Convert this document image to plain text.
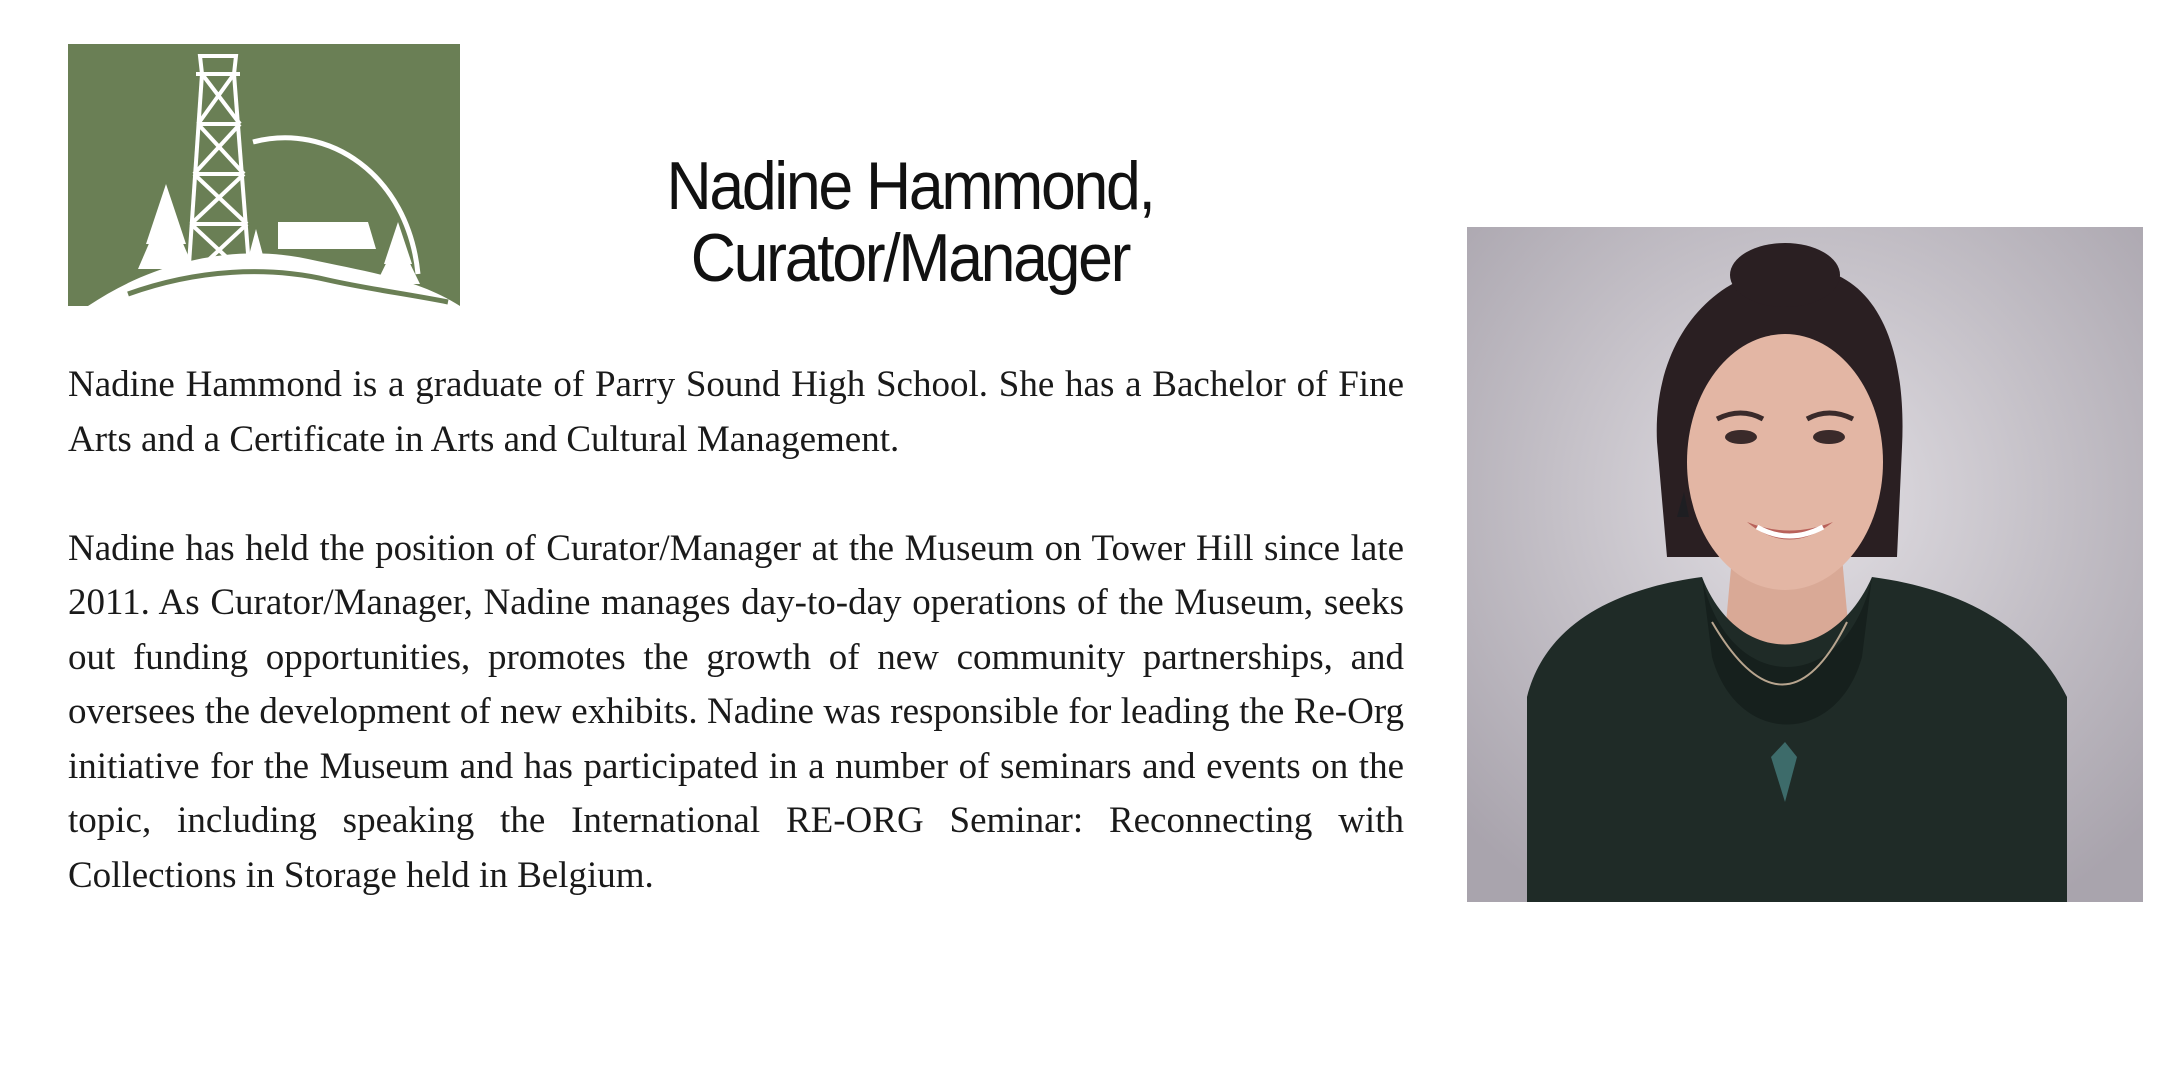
Nadine Hammond,
Curator/Manager

Nadine Hammond is a graduate of Parry Sound High School. She has a Bachelor of Fine Arts and a Certificate in Arts and Cultural Management.

Nadine has held the position of Curator/Manager at the Museum on Tower Hill since late 2011. As Curator/Manager, Nadine manages day-to-day operations of the Museum, seeks out funding opportunities, promotes the growth of new community partnerships, and oversees the development of new exhibits. Nadine was responsible for leading the Re-Org initiative for the Museum and has participated in a number of seminars and events on the topic, including speaking the International RE-ORG Seminar: Reconnecting with Collections in Storage held in Belgium.
